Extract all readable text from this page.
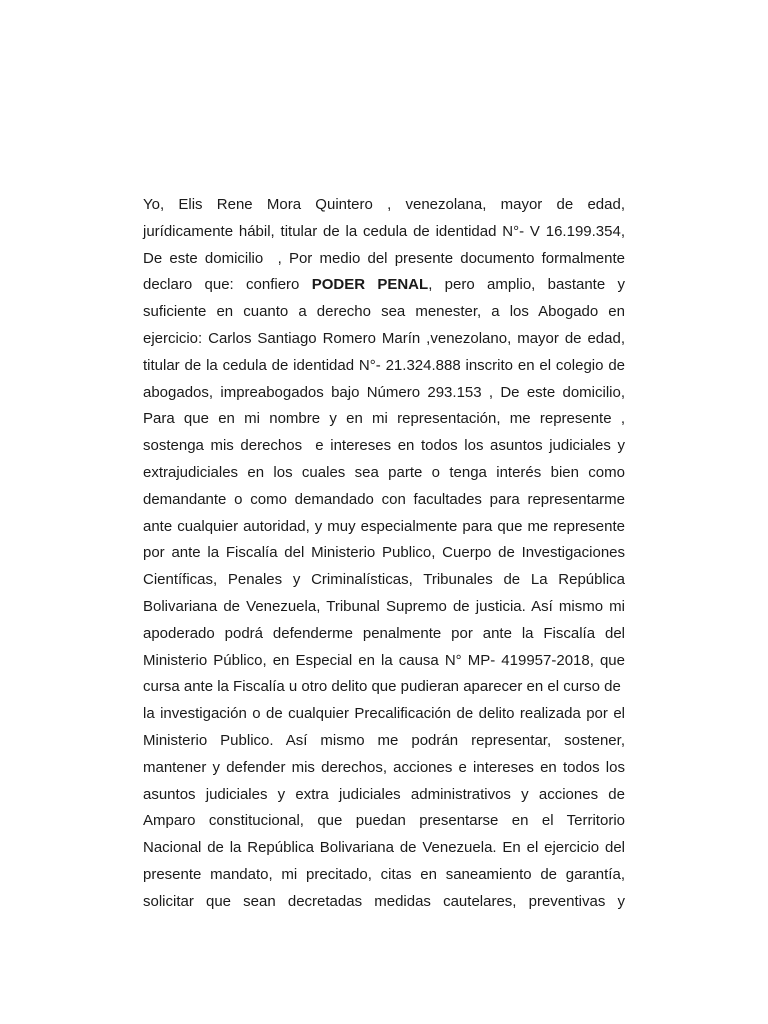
Yo, Elis Rene Mora Quintero , venezolana, mayor de edad,
jurídicamente hábil, titular de la cedula de identidad N°- V 16.199.354,
De este domicilio  , Por medio del presente documento formalmente
declaro que: confiero PODER PENAL, pero amplio, bastante y
suficiente en cuanto a derecho sea menester, a los Abogado en
ejercicio: Carlos Santiago Romero Marín ,venezolano, mayor de edad,
titular de la cedula de identidad N°- 21.324.888 inscrito en el colegio de
abogados, impreabogados bajo Número 293.153 , De este domicilio,
Para que en mi nombre y en mi representación, me represente ,
sostenga mis derechos  e intereses en todos los asuntos judiciales y
extrajudiciales en los cuales sea parte o tenga interés bien como
demandante o como demandado con facultades para representarme
ante cualquier autoridad, y muy especialmente para que me represente
por ante la Fiscalía del Ministerio Publico, Cuerpo de Investigaciones
Científicas, Penales y Criminalísticas, Tribunales de La República
Bolivariana de Venezuela, Tribunal Supremo de justicia. Así mismo mi
apoderado podrá defenderme penalmente por ante la Fiscalía del
Ministerio Público, en Especial en la causa N° MP- 419957-2018, que
cursa ante la Fiscalía u otro delito que pudieran aparecer en el curso de
la investigación o de cualquier Precalificación de delito realizada por el
Ministerio Publico. Así mismo me podrán representar, sostener,
mantener y defender mis derechos, acciones e intereses en todos los
asuntos judiciales y extra judiciales administrativos y acciones de
Amparo constitucional, que puedan presentarse en el Territorio
Nacional de la República Bolivariana de Venezuela. En el ejercicio del
presente mandato, mi precitado, citas en saneamiento de garantía,
solicitar que sean decretadas medidas cautelares, preventivas y
